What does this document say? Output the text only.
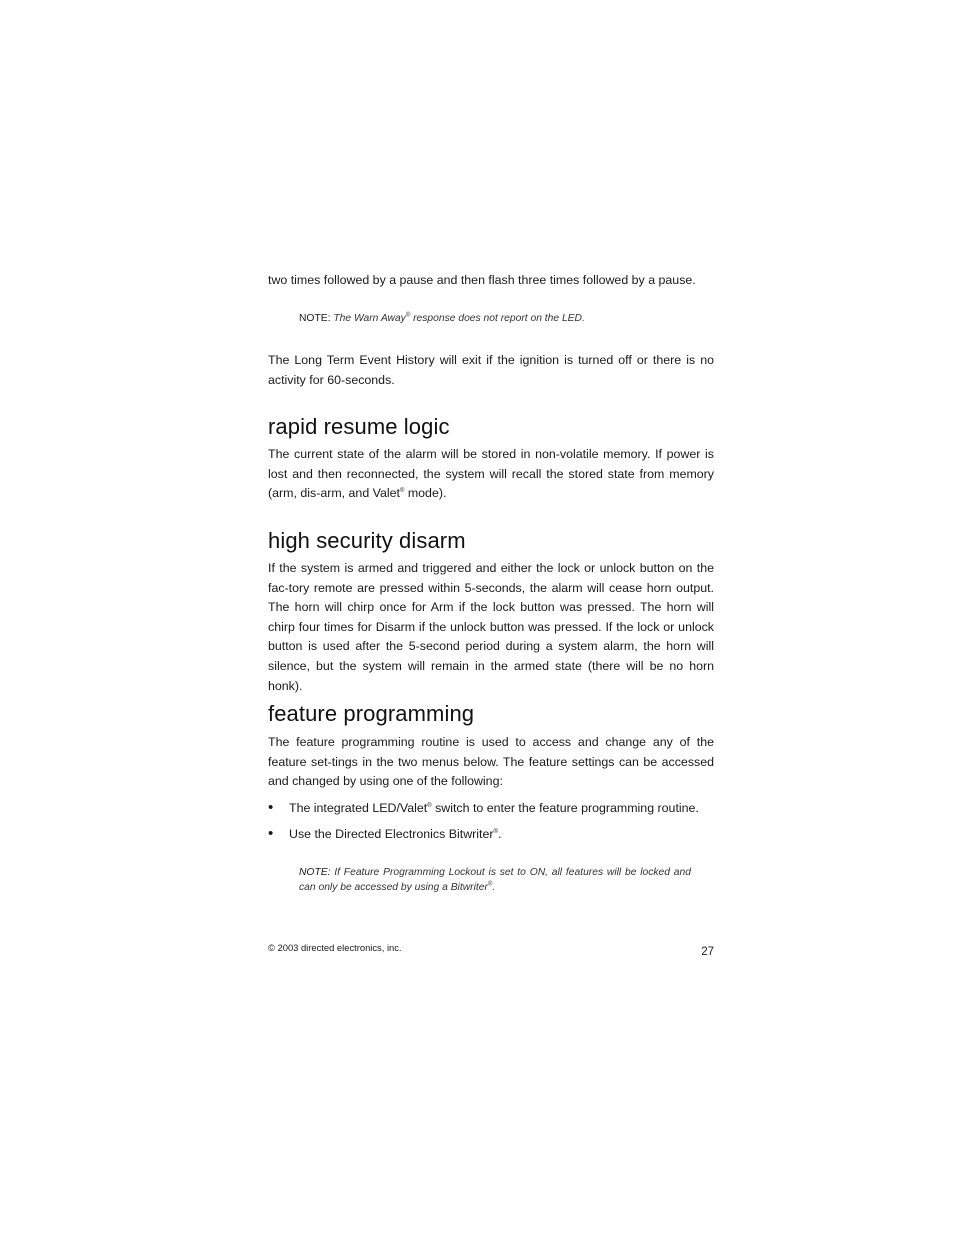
two times followed by a pause and then flash three times followed by a pause.

NOTE: The Warn Away® response does not report on the LED.

The Long Term Event History will exit if the ignition is turned off or there is no activity for 60-seconds.

rapid resume logic

The current state of the alarm will be stored in non-volatile memory. If power is lost and then reconnected, the system will recall the stored state from memory (arm, dis-arm, and Valet® mode).

high security disarm

If the system is armed and triggered and either the lock or unlock button on the fac-tory remote are pressed within 5-seconds, the alarm will cease horn output. The horn will chirp once for Arm if the lock button was pressed. The horn will chirp four times for Disarm if the unlock button was pressed. If the lock or unlock button is used after the 5-second period during a system alarm, the horn will silence, but the system will remain in the armed state (there will be no horn honk).

feature programming

The feature programming routine is used to access and change any of the feature set-tings in the two menus below. The feature settings can be accessed and changed by using one of the following:

• The integrated LED/Valet® switch to enter the feature programming routine.
• Use the Directed Electronics Bitwriter®.

NOTE: If Feature Programming Lockout is set to ON, all features will be locked and can only be accessed by using a Bitwriter®.

© 2003 directed electronics, inc.	27
